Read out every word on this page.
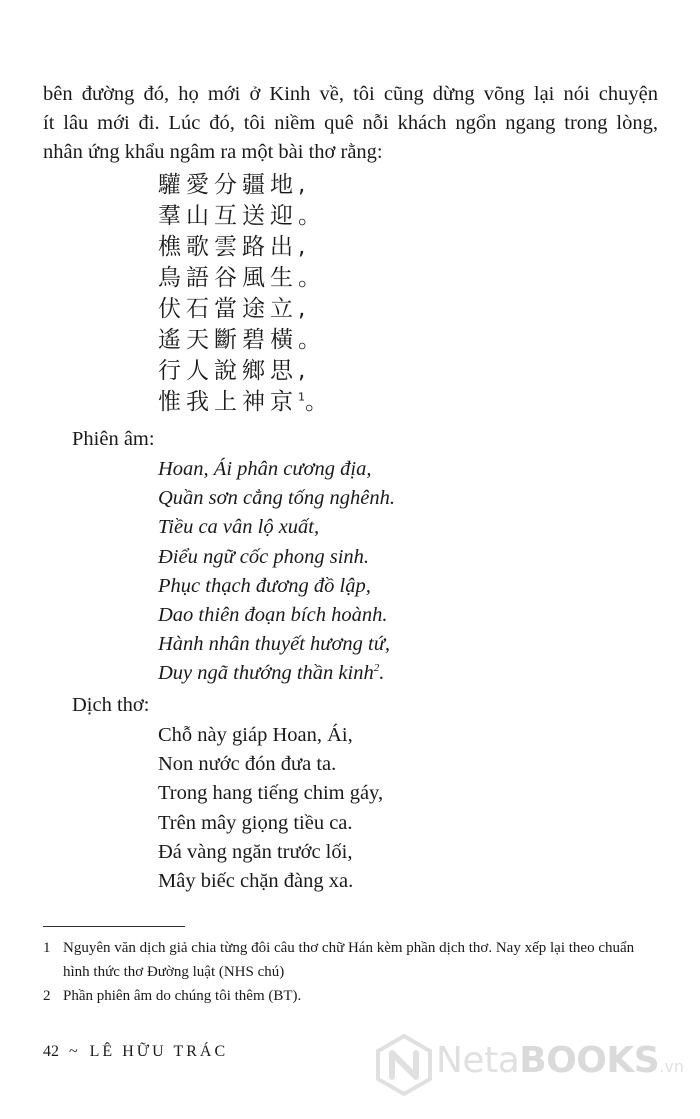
bên đường đó, họ mới ở Kinh về, tôi cũng dừng võng lại nói chuyện
ít lâu mới đi. Lúc đó, tôi niềm quê nỗi khách ngổn ngang trong lòng,
nhân ứng khẩu ngâm ra một bài thơ rằng:

驩愛分疆地,
羣山互送迎。
樵歌雲路出,
鳥語谷風生。
伏石當途立,
遙天斷碧橫。
行人說鄉思,
惟我上神京$^1$。
Phiên âm:
Hoan, Ái phân cương địa,
Quần sơn cẳng tống nghênh.
Tiều ca vân lộ xuất,
Điểu ngữ cốc phong sinh.
Phục thạch đương đồ lập,
Dao thiên đoạn bích hoành.
Hành nhân thuyết hương tứ,
Duy ngã thướng thần kinh$^2$.
Dịch thơ:
Chỗ này giáp Hoan, Ái,
Non nước đón đưa ta.
Trong hang tiếng chim gáy,
Trên mây giọng tiều ca.
Đá vàng ngăn trước lối,
Mây biếc chặn đàng xa.
1 Nguyên văn dịch giả chia từng đôi câu thơ chữ Hán kèm phần dịch thơ. Nay xếp lại theo chuẩn hình thức thơ Đường luật (NHS chú)
2 Phần phiên âm do chúng tôi thêm (BT).
42 ~ LÊ HỮU TRÁC	NetaBOOKS.vn
